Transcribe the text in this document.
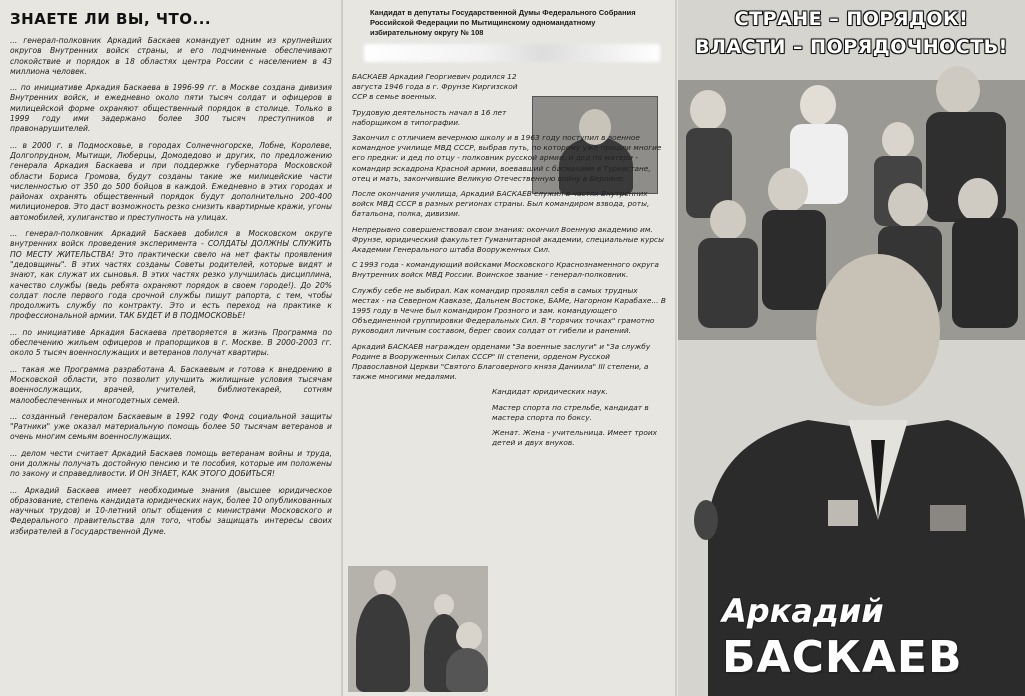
ЗНАЕТЕ ЛИ ВЫ, ЧТО...

... генерал-полковник Аркадий Баскаев командует одним из крупнейших округов Внутренних войск страны, и его подчиненные обеспечивают спокойствие и порядок в 18 областях центра России с населением в 43 миллиона человек.

... по инициативе Аркадия Баскаева в 1996-99 гг. в Москве создана дивизия Внутренних войск, и ежедневно около пяти тысяч солдат и офицеров в милицейской форме охраняют общественный порядок в столице. Только в 1999 году ими задержано более 300 тысяч преступников и правонарушителей.

... в 2000 г. в Подмосковье, в городах Солнечногорске, Лобне, Королеве, Долгопрудном, Мытищи, Люберцы, Домодедово и других, по предложению генерала Аркадия Баскаева и при поддержке губернатора Московской области Бориса Громова, будут созданы такие же милицейские части численностью от 350 до 500 бойцов в каждой. Ежедневно в этих городах и районах охранять общественный порядок будут дополнительно 200-400 милиционеров. Это даст возможность резко снизить квартирные кражи, угоны автомобилей, хулиганство и преступность на улицах.

... генерал-полковник Аркадий Баскаев добился в Московском округе внутренних войск проведения эксперимента - СОЛДАТЫ ДОЛЖНЫ СЛУЖИТЬ ПО МЕСТУ ЖИТЕЛЬСТВА! Это практически свело на нет факты проявления "дедовщины". В этих частях созданы Советы родителей, которые видят и знают, как служат их сыновья. В этих частях резко улучшилась дисциплина, качество службы (ведь ребята охраняют порядок в своем городе!). До 20% солдат после первого года срочной службы пишут рапорта, с тем, чтобы продолжить службу по контракту. Это и есть переход на практике к профессиональной армии. ТАК БУДЕТ И В ПОДМОСКОВЬЕ!

... по инициативе Аркадия Баскаева претворяется в жизнь Программа по обеспечению жильем офицеров и прапорщиков в г. Москве. В 2000-2003 гг. около 5 тысяч военнослужащих и ветеранов получат квартиры.

... такая же Программа разработана А. Баскаевым и готова к внедрению в Московской области, это позволит улучшить жилищные условия тысячам военнослужащих, врачей, учителей, библиотекарей, сотням малообеспеченных и многодетных семей.

... созданный генералом Баскаевым в 1992 году Фонд социальной защиты "Ратники" уже оказал материальную помощь более 50 тысячам ветеранов и очень многим семьям военнослужащих.

... делом чести считает Аркадий Баскаев помощь ветеранам войны и труда, они должны получать достойную пенсию и те пособия, которые им положены по закону и справедливости. И ОН ЗНАЕТ, КАК ЭТОГО ДОБИТЬСЯ!

... Аркадий Баскаев имеет необходимые знания (высшее юридическое образование, степень кандидата юридических наук, более 10 опубликованных научных трудов) и 10-летний опыт общения с министрами Московского и Федерального правительства для того, чтобы защищать интересы своих избирателей в Государственной Думе.

Кандидат в депутаты Государственной Думы Федерального Собрания Российской Федерации по Мытищинскому одномандатному избирательному округу № 108

БАСКАЕВ Аркадий Георгиевич родился 12 августа 1946 года в г. Фрунзе Киргизской ССР в семье военных.

Трудовую деятельность начал в 16 лет наборщиком в типографии.

Закончил с отличием вечернюю школу и в 1963 году поступил в военное командное училище МВД СССР, выбрав путь, по которому уже прошли многие его предки: и дед по отцу - полковник русской армии, и дед по матери - командир эскадрона Красной армии, воевавший с басмачами в Туркестане, отец и мать, закончившие Великую Отечественную войну в Берлине.

После окончания училища, Аркадий БАСКАЕВ служил в частях Внутренних войск МВД СССР в разных регионах страны. Был командиром взвода, роты, батальона, полка, дивизии.

Непрерывно совершенствовал свои знания: окончил Военную академию им. Фрунзе, юридический факультет Гуманитарной академии, специальные курсы Академии Генерального штаба Вооруженных Сил.

С 1993 года - командующий войсками Московского Краснознаменного округа Внутренних войск МВД России. Воинское звание - генерал-полковник.

Службу себе не выбирал. Как командир проявлял себя в самых трудных местах - на Северном Кавказе, Дальнем Востоке, БАМе, Нагорном Карабахе... В 1995 году в Чечне был командиром Грозного и зам. командующего Объединенной группировки Федеральных Сил. В "горячих точках" грамотно руководил личным составом, берег своих солдат от гибели и ранений.

Аркадий БАСКАЕВ награжден орденами "За военные заслуги" и "За службу Родине в Вооруженных Силах СССР" III степени, орденом Русской Православной Церкви "Святого Благоверного князя Даниила" III степени, а также многими медалями.

Кандидат юридических наук.

Мастер спорта по стрельбе, кандидат в мастера спорта по боксу.

Женат. Жена - учительница. Имеет троих детей и двух внуков.

СТРАНЕ – ПОРЯДОК!
ВЛАСТИ – ПОРЯДОЧНОСТЬ!
Аркадий
БАСКАЕВ
